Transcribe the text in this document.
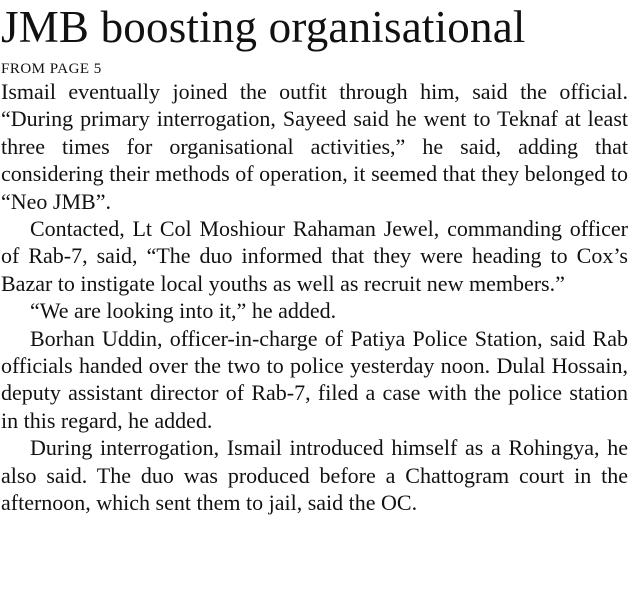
JMB boosting organisational
FROM PAGE 5

Ismail eventually joined the outfit through him, said the official. “During primary interrogation, Sayeed said he went to Teknaf at least three times for organisational activities,” he said, adding that considering their methods of operation, it seemed that they belonged to “Neo JMB”.

Contacted, Lt Col Moshiour Rahaman Jewel, commanding officer of Rab-7, said, “The duo informed that they were heading to Cox’s Bazar to instigate local youths as well as recruit new members.”

“We are looking into it,” he added.

Borhan Uddin, officer-in-charge of Patiya Police Station, said Rab officials handed over the two to police yesterday noon. Dulal Hossain, deputy assistant director of Rab-7, filed a case with the police station in this regard, he added.

During interrogation, Ismail introduced himself as a Rohingya, he also said. The duo was produced before a Chattogram court in the afternoon, which sent them to jail, said the OC.
